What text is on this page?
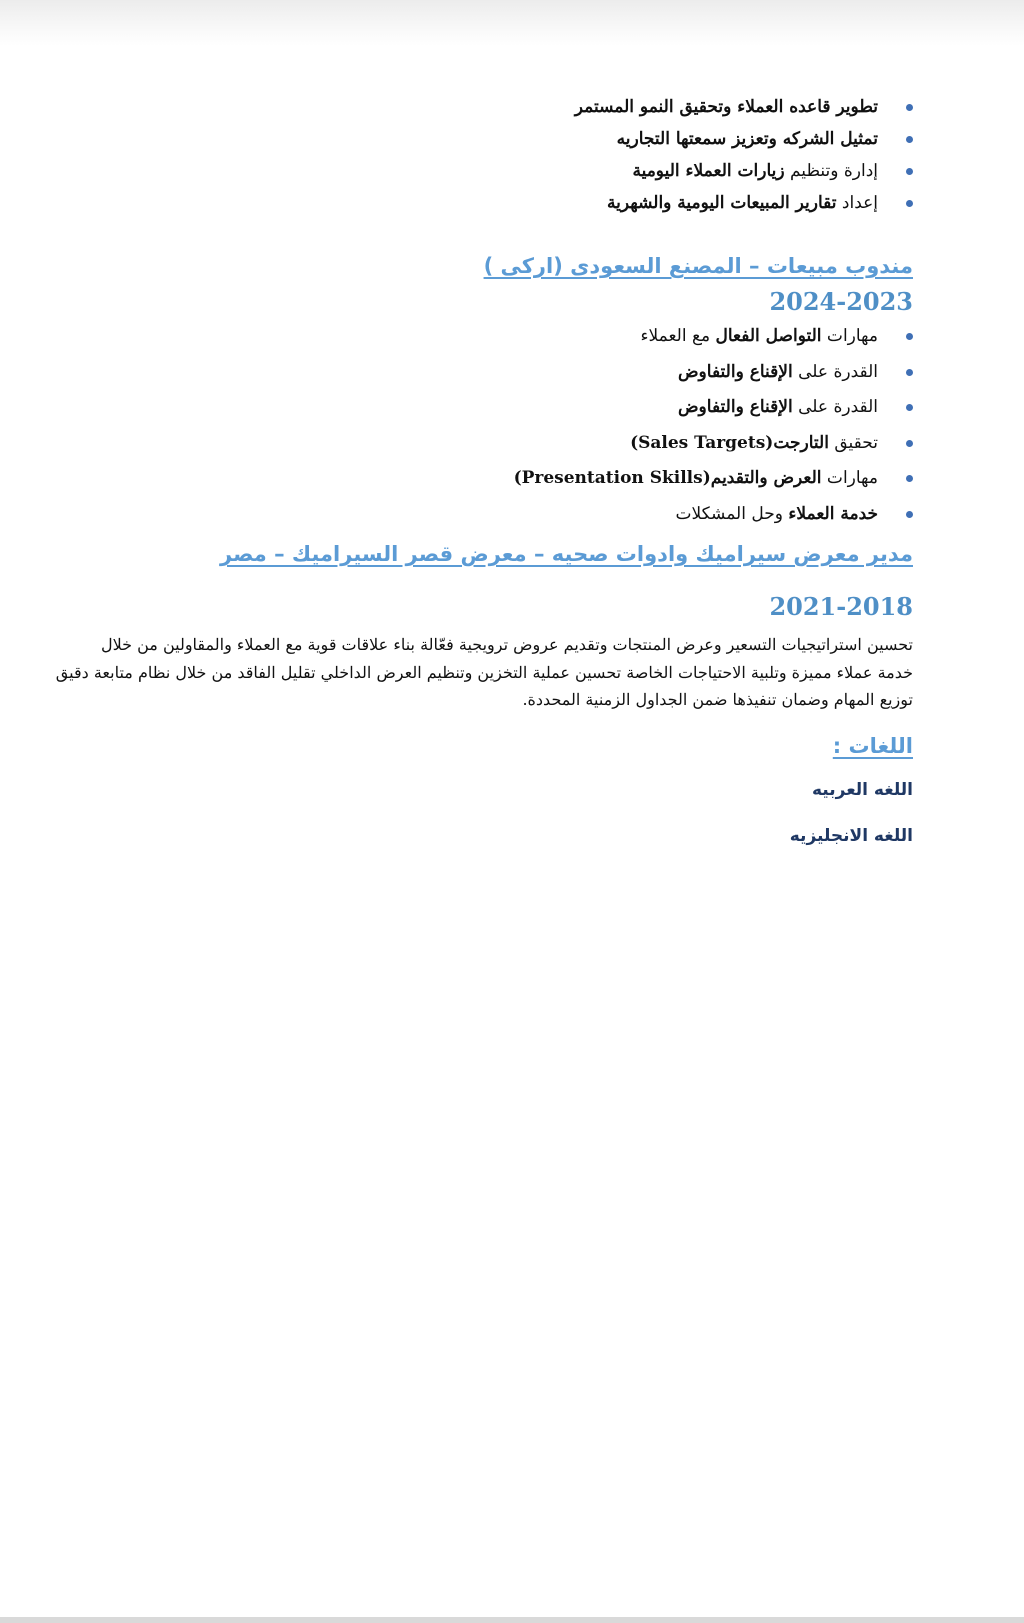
تطوير قاعده العملاء وتحقيق النمو المستمر
تمثيل الشركه وتعزيز سمعتها التجاريه
إدارة وتنظيم زيارات العملاء اليومية
إعداد تقارير المبيعات اليومية والشهرية
مندوب مبيعات – المصنع السعودى (اركى )
2024-2023
مهارات التواصل الفعال مع العملاء
القدرة على الإقناع والتفاوض
القدرة على الإقناع والتفاوض
تحقيق التارجت(Sales Targets)
مهارات العرض والتقديم(Presentation Skills)
خدمة العملاء وحل المشكلات
مدير معرض سيراميك وادوات صحيه – معرض قصر السيراميك – مصر
2021-2018

تحسين استراتيجيات التسعير وعرض المنتجات وتقديم عروض ترويجية فعّالة بناء علاقات قوية مع العملاء والمقاولين من خلال

خدمة عملاء مميزة وتلبية الاحتياجات الخاصة تحسين عملية التخزين وتنظيم العرض الداخلي تقليل الفاقد من خلال نظام متابعة دقيق

توزيع المهام وضمان تنفيذها ضمن الجداول الزمنية المحددة.

اللغات :
اللغه العربيه
اللغه الانجليزيه
